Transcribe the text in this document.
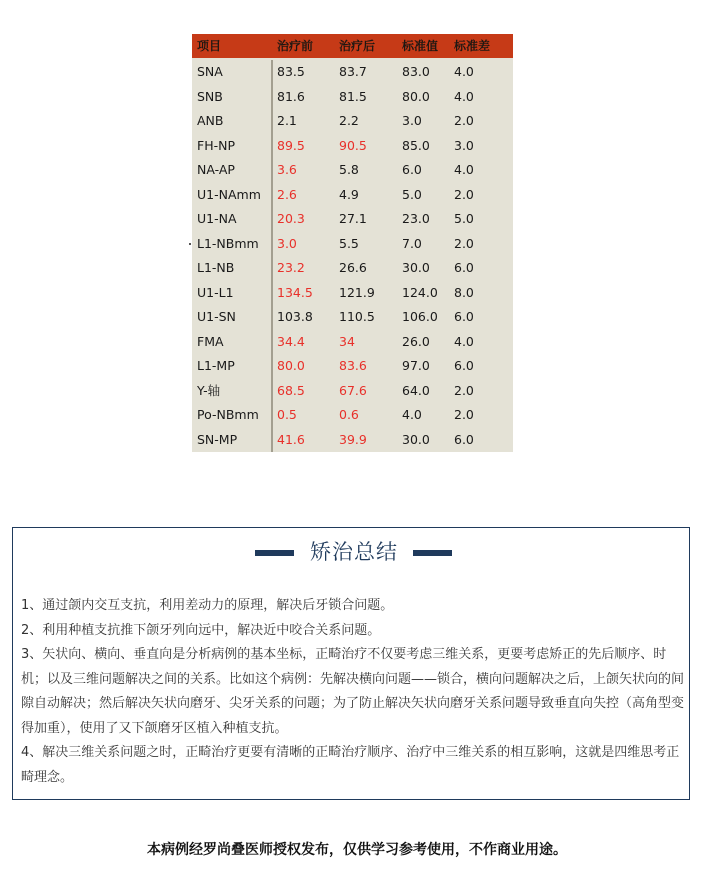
项目	治疗前 治疗后 标准值 标准差
SNA	83.5	83.7	83.0 4.0
SNB	81.6	81.5	80.0 4.0
ANB	2.1	2.2	3.0	2.0
FH-NP	89.5	90.5	85.0 3.0
NA-AP	3.6	5.8	6.0	4.0
U1-NAmm 2.6	4.9	5.0	2.0
U1-NA	20.3	27.1	23.0 5.0
L1-NBmm 3.0	5.5	7.0	2.0
L1-NB	23.2	26.6	30.0 6.0
U1-L1	134.5 121.9 124.0 8.0
U1-SN	103.8 110.5 106.0 6.0
FMA	34.4	34	26.0 4.0
L1-MP	80.0	83.6	97.0 6.0
Y-轴	68.5	67.6	64.0 2.0
Po-NBmm 0.5	0.6	4.0	2.0
SN-MP	41.6	39.9	30.0 6.0
矫治总结

1、通过颌内交互支抗，利用差动力的原理，解决后牙锁合问题。

2、利用种植支抗推下颌牙列向远中，解决近中咬合关系问题。

3、矢状向、横向、垂直向是分析病例的基本坐标，正畸治疗不仅要考虑三维关系，更要考虑矫正的先后顺序、时机；以及三维问题解决之间的关系。比如这个病例：先解决横向问题——锁合，横向问题解决之后，上颌矢状向的间隙自动解决；然后解决矢状向磨牙、尖牙关系的问题；为了防止解决矢状向磨牙关系问题导致垂直向失控（高角型变得加重），使用了又下颌磨牙区植入种植支抗。

4、解决三维关系问题之时，正畸治疗更要有清晰的正畸治疗顺序、治疗中三维关系的相互影响，这就是四维思考正畸理念。

本病例经罗尚叠医师授权发布，仅供学习参考使用，不作商业用途。
